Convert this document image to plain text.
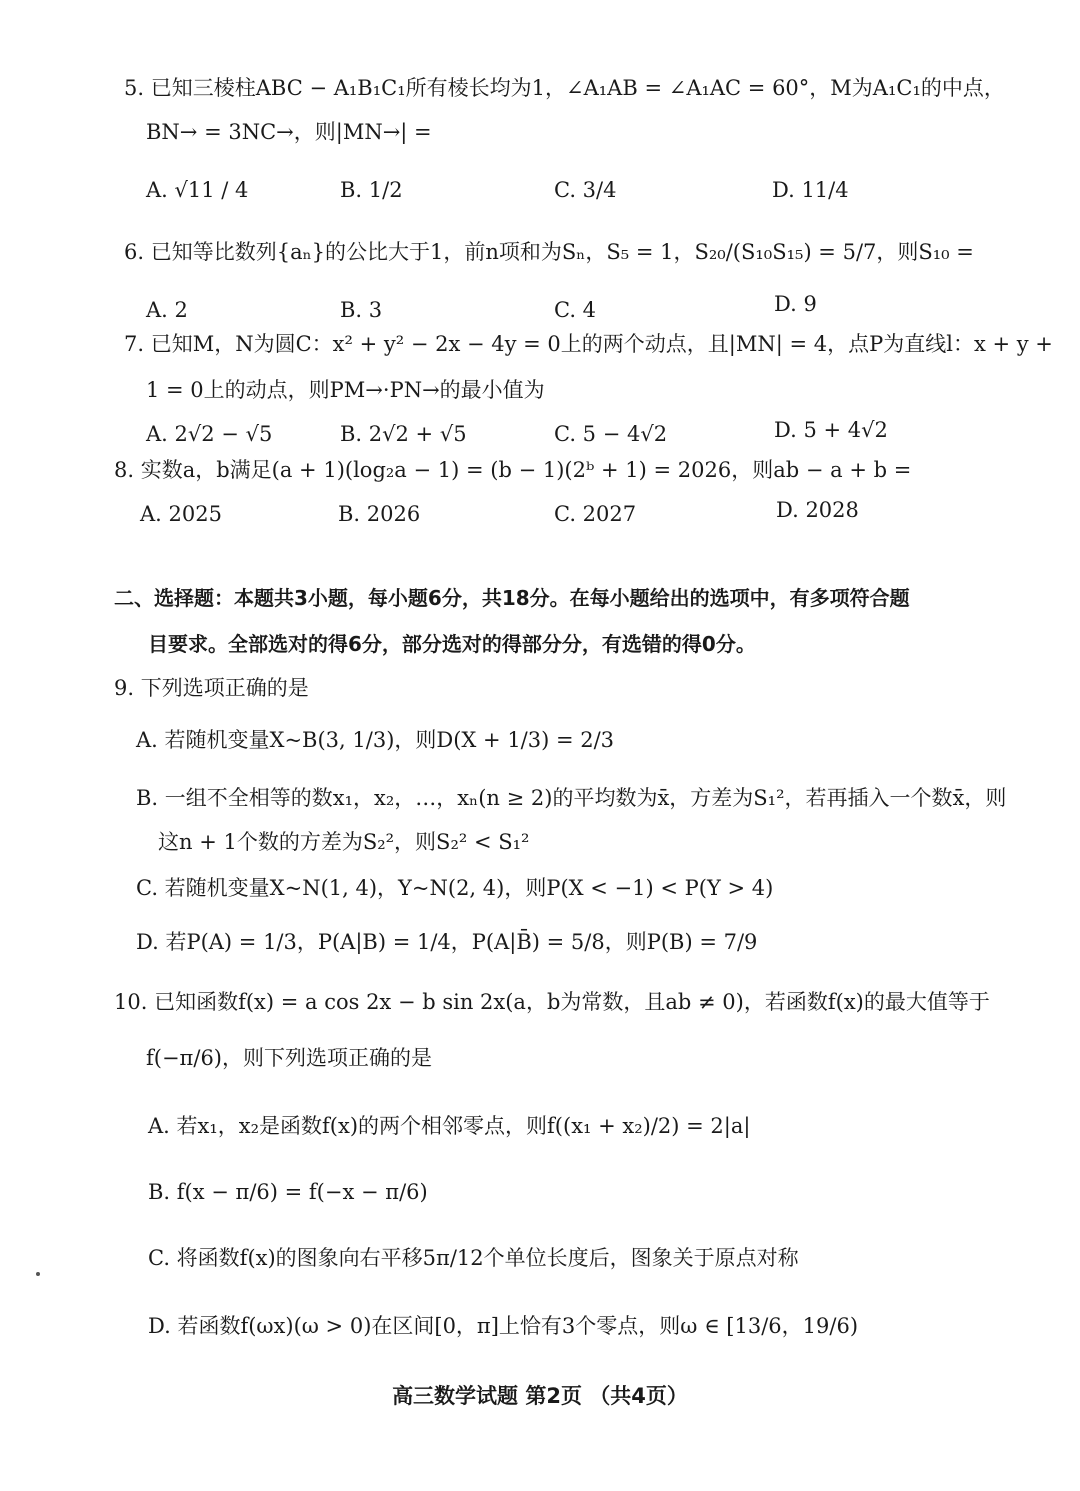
5. 已知三棱柱ABC − A₁B₁C₁所有棱长均为1，∠A₁AB = ∠A₁AC = 60°，M为A₁C₁的中点，
BN→ = 3NC→，则|MN→| =
A. √11 / 4	B. 1/2	C. 3/4	D. 11/4
6. 已知等比数列{aₙ}的公比大于1，前n项和为Sₙ，S₅ = 1，S₂₀/(S₁₀S₁₅) = 5/7，则S₁₀ =
A. 2	B. 3	C. 4	D. 9
7. 已知M，N为圆C：x² + y² − 2x − 4y = 0上的两个动点，且|MN| = 4，点P为直线l：x + y +
1 = 0上的动点，则PM→·PN→的最小值为
A. 2√2 − √5	B. 2√2 + √5	C. 5 − 4√2	D. 5 + 4√2
8. 实数a，b满足(a + 1)(log₂a − 1) = (b − 1)(2ᵇ + 1) = 2026，则ab − a + b =
A. 2025	B. 2026	C. 2027	D. 2028
二、选择题：本题共3小题，每小题6分，共18分。在每小题给出的选项中，有多项符合题
目要求。全部选对的得6分，部分选对的得部分分，有选错的得0分。
9. 下列选项正确的是
A. 若随机变量X~B(3, 1/3)，则D(X + 1/3) = 2/3
B. 一组不全相等的数x₁，x₂，…，xₙ(n ≥ 2)的平均数为x̄，方差为S₁²，若再插入一个数x̄，则
这n + 1个数的方差为S₂²，则S₂² < S₁²
C. 若随机变量X~N(1, 4)，Y~N(2, 4)，则P(X < −1) < P(Y > 4)
D. 若P(A) = 1/3，P(A|B) = 1/4，P(A|B̄) = 5/8，则P(B) = 7/9
10. 已知函数f(x) = a cos 2x − b sin 2x(a，b为常数，且ab ≠ 0)，若函数f(x)的最大值等于
f(−π/6)，则下列选项正确的是
A. 若x₁，x₂是函数f(x)的两个相邻零点，则f((x₁ + x₂)/2) = 2|a|
B. f(x − π/6) = f(−x − π/6)
C. 将函数f(x)的图象向右平移5π/12个单位长度后，图象关于原点对称
D. 若函数f(ωx)(ω > 0)在区间[0，π]上恰有3个零点，则ω ∈ [13/6，19/6)
高三数学试题 第2页 （共4页）
